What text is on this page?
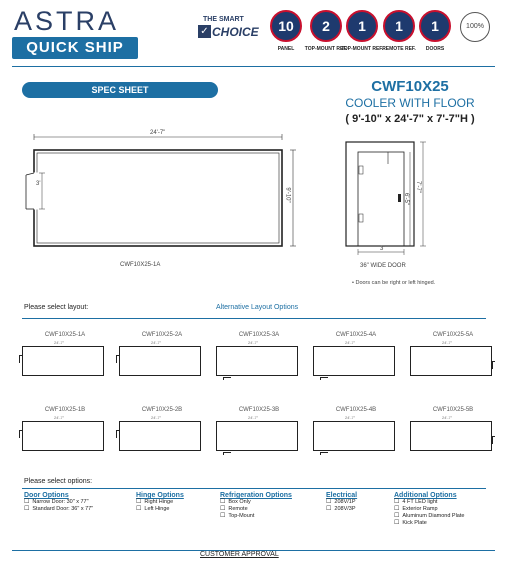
ASTRA
QUICK SHIP
THE SMART
✓ CHOICE	10
PANEL
2
TOP-MOUNT REF.
1
TOP-MOUNT REF.
1
REMOTE REF.
1
DOORS
100%
SPEC SHEET	CWF10X25
COOLER WITH FLOOR
( 9'-10" x 24'-7" x 7'-7"H )
24'-7"
9'-10"
3'
CWF10X25-1A
7'-7"
6'-5"
3'
36" WIDE DOOR
• Doors can be right or left hinged.
Please select layout:	Alternative Layout Options
CWF10X25-1A
24'-7"
CWF10X25-2A
24'-7"
CWF10X25-3A
24'-7"
CWF10X25-4A
24'-7"
CWF10X25-5A
24'-7"
CWF10X25-1B
24'-7"
CWF10X25-2B
24'-7"
CWF10X25-3B
24'-7"
CWF10X25-4B
24'-7"
CWF10X25-5B
24'-7"
Please select options:
Door Options
☐ Narrow Door: 30" x 77"
☐ Standard Door: 36" x 77"
Hinge Options
☐ Right Hinge
☐ Left Hinge
Refrigeration Options
☐ Box Only
☐ Remote
☐ Top-Mount
Electrical
☐ 208V/1P
☐ 208V/3P
Additional Options
☐ 4 FT LED light
☐ Exterior Ramp
☐ Aluminum Diamond Plate
☐ Kick Plate
CUSTOMER APPROVAL
